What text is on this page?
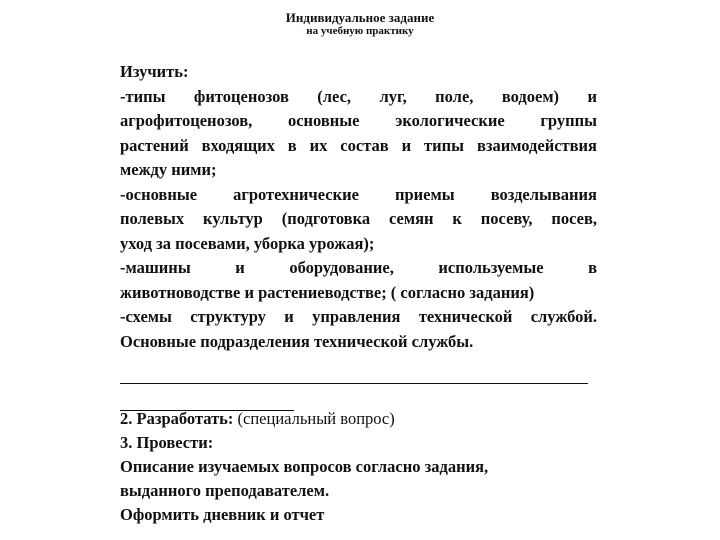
Индивидуальное задание
на учебную практику
Изучить:
-типы фитоценозов (лес, луг, поле, водоем) и
агрофитоценозов, основные экологические группы
растений входящих в их состав и типы взаимодействия
между ними;
-основные агротехнические приемы возделывания
полевых культур (подготовка семян к посеву, посев,
уход за посевами, уборка урожая);
-машины и оборудование, используемые в
животноводстве и растениеводстве; ( согласно задания)
-схемы структуру и управления технической службой.
Основные подразделения технической службы.
2. Разработать: (специальный вопрос)
3. Провести:
Описание изучаемых вопросов согласно задания,
выданного преподавателем.
Оформить дневник и отчет
